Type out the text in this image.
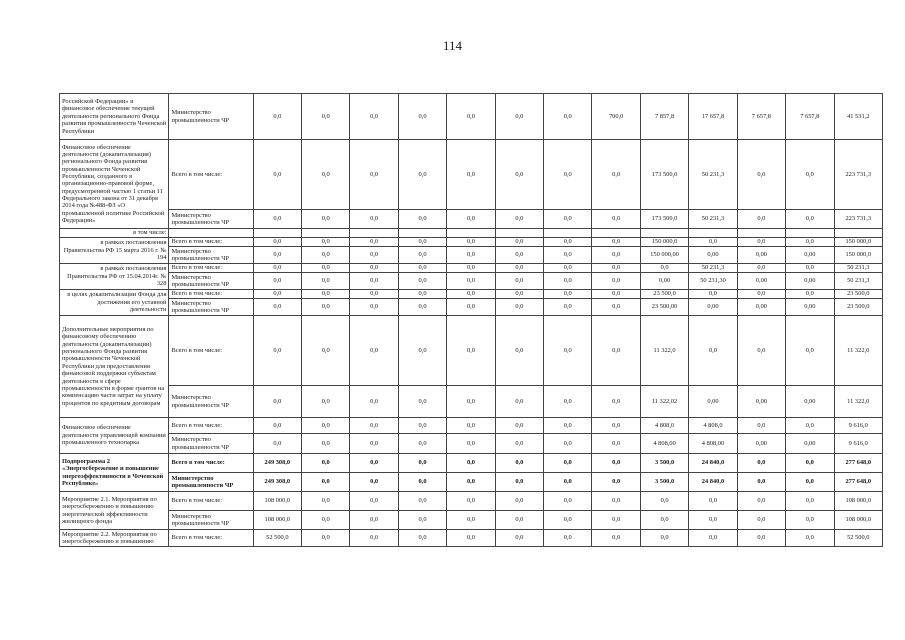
114
Российской Федерации» и финансовое обеспечение текущей деятельности регионального Фонда развития промышленности Чеченской Республики	Министерство промышленности ЧР	0,0	0,0	0,0	0,0	0,0	0,0	0,0	700,0	7 857,8	17 657,8	7 657,8	7 657,8	41 531,2
Финансовое обеспечение деятельности (докапитализация) регионального Фонда развития промышленности Чеченской Республики, созданного в организационно-правовой форме, предусмотренной частью 1 статьи 11 Федерального закона от 31 декабря 2014 года №488-ФЗ «О промышленной политике Российской Федерации»	Всего в том числе:	0,0	0,0	0,0	0,0	0,0	0,0	0,0	0,0	173 500,0	50 231,3	0,0	0,0	223 731,3
	Министерство промышленности ЧР	0,0	0,0	0,0	0,0	0,0	0,0	0,0	0,0	173 500,0	50 231,3	0,0	0,0	223 731,3
в том числе:														
в рамках постановления Правительства РФ 15 марта 2016 г. № 194	Всего в том числе:	0,0	0,0	0,0	0,0	0,0	0,0	0,0	0,0	150 000,0	0,0	0,0	0,0	150 000,0
	Министерство промышленности ЧР	0,0	0,0	0,0	0,0	0,0	0,0	0,0	0,0	150 000,00	0,00	0,00	0,00	150 000,0
в рамках постановления Правительства РФ от 15.04.2014г. № 328	Всего в том числе:	0,0	0,0	0,0	0,0	0,0	0,0	0,0	0,0	0,0	50 231,3	0,0	0,0	50 231,3
	Министерство промышленности ЧР	0,0	0,0	0,0	0,0	0,0	0,0	0,0	0,0	0,00	50 231,30	0,00	0,00	50 231,3
в целях докапитализации Фонда для достижения его уставной деятельности	Всего в том числе:	0,0	0,0	0,0	0,0	0,0	0,0	0,0	0,0	23 500,0	0,0	0,0	0,0	23 500,0
	Министерство промышленности ЧР	0,0	0,0	0,0	0,0	0,0	0,0	0,0	0,0	23 500,00	0,00	0,00	0,00	23 500,0
Дополнительные мероприятия по финансовому обеспечению деятельности (докапитализации) регионального Фонда развития промышленности Чеченской Республики для предоставления финансовой поддержки субъектам деятельности в сфере промышленности в форме грантов на компенсацию части затрат на уплату процентов по кредитным договорам	Всего в том числе:	0,0	0,0	0,0	0,0	0,0	0,0	0,0	0,0	11 322,0	0,0	0,0	0,0	11 322,0
	Министерство промышленности ЧР	0,0	0,0	0,0	0,0	0,0	0,0	0,0	0,0	11 322,02	0,00	0,00	0,00	11 322,0
Финансовое обеспечение деятельности управляющей компании промышленного технопарка	Всего в том числе:	0,0	0,0	0,0	0,0	0,0	0,0	0,0	0,0	4 808,0	4 808,0	0,0	0,0	9 616,0
	Министерство промышленности ЧР	0,0	0,0	0,0	0,0	0,0	0,0	0,0	0,0	4 808,00	4 808,00	0,00	0,00	9 616,0
Подпрограмма 2 «Энергосбережение и повышение энергоэффективности в Чеченской Республике»	Всего в том числе:	249 308,0	0,0	0,0	0,0	0,0	0,0	0,0	0,0	3 500,0	24 840,0	0,0	0,0	277 648,0
	Министерство промышленности ЧР	249 308,0	0,0	0,0	0,0	0,0	0,0	0,0	0,0	3 500,0	24 840,0	0,0	0,0	277 648,0
Мероприятие 2.1. Мероприятия по энергосбережению и повышению энергетической эффективности жилищного фонда	Всего в том числе:	108 000,0	0,0	0,0	0,0	0,0	0,0	0,0	0,0	0,0	0,0	0,0	0,0	108 000,0
	Министерство промышленности ЧР	108 000,0	0,0	0,0	0,0	0,0	0,0	0,0	0,0	0,0	0,0	0,0	0,0	108 000,0
Мероприятие 2.2. Мероприятия по энергосбережению и повышению	Всего в том числе:	52 500,0	0,0	0,0	0,0	0,0	0,0	0,0	0,0	0,0	0,0	0,0	0,0	52 500,0
